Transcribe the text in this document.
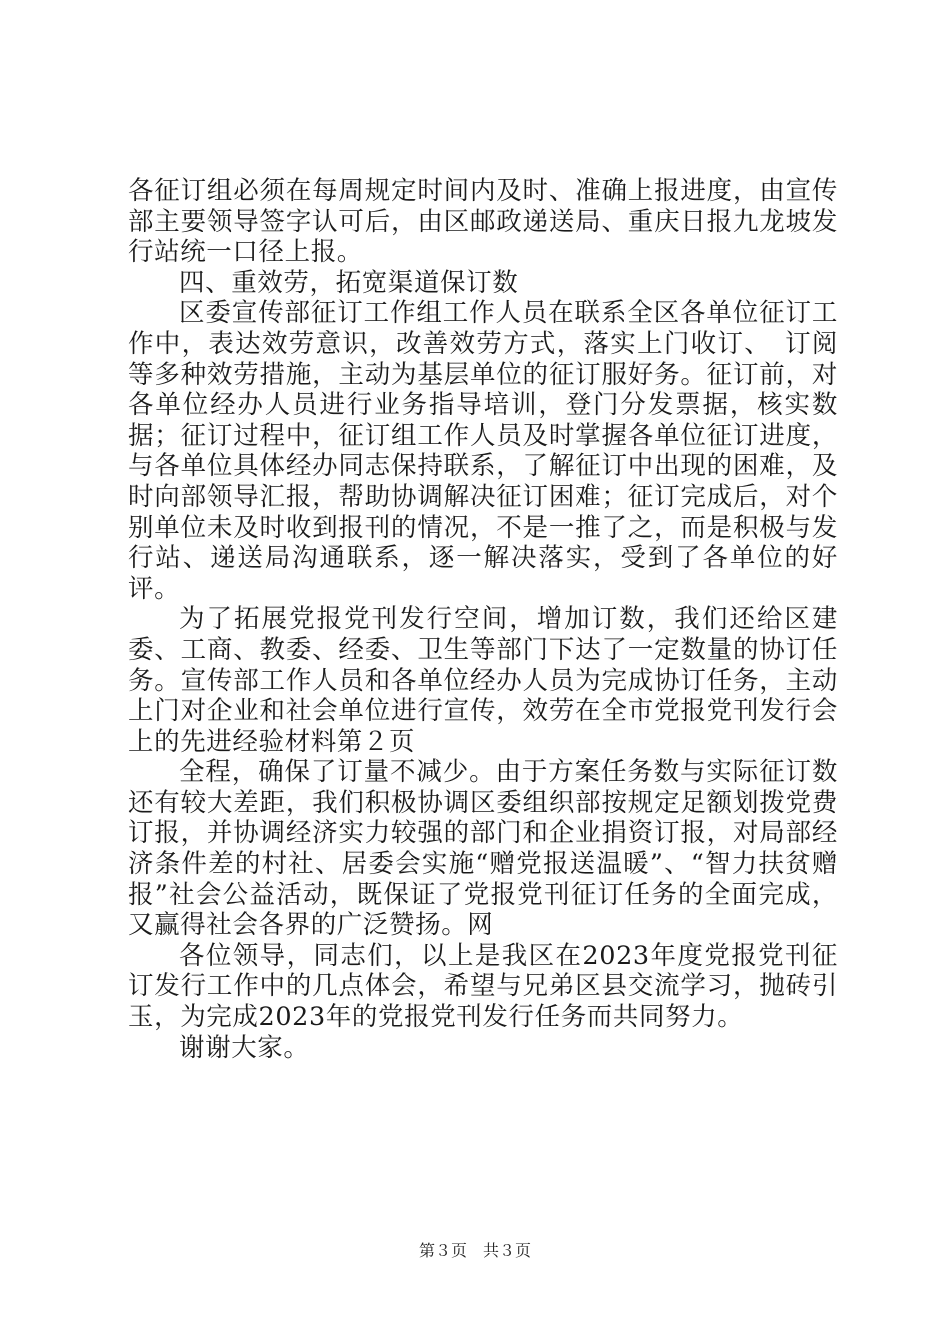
各征订组必须在每周规定时间内及时、准确上报进度，由宣传部主要领导签字认可后，由区邮政递送局、重庆日报九龙坡发行站统一口径上报。

四、重效劳，拓宽渠道保订数

区委宣传部征订工作组工作人员在联系全区各单位征订工作中，表达效劳意识，改善效劳方式，落实上门收订、　订阅等多种效劳措施，主动为基层单位的征订服好务。征订前，对各单位经办人员进行业务指导培训，登门分发票据，核实数据；征订过程中，征订组工作人员及时掌握各单位征订进度，与各单位具体经办同志保持联系，了解征订中出现的困难，及时向部领导汇报，帮助协调解决征订困难；征订完成后，对个别单位未及时收到报刊的情况，不是一推了之，而是积极与发行站、递送局沟通联系，逐一解决落实，受到了各单位的好评。

为了拓展党报党刊发行空间，增加订数，我们还给区建委、工商、教委、经委、卫生等部门下达了一定数量的协订任务。宣传部工作人员和各单位经办人员为完成协订任务，主动上门对企业和社会单位进行宣传，效劳在全市党报党刊发行会上的先进经验材料第２页

全程，确保了订量不减少。由于方案任务数与实际征订数还有较大差距，我们积极协调区委组织部按规定足额划拨党费订报，并协调经济实力较强的部门和企业捐资订报，对局部经济条件差的村社、居委会实施“赠党报送温暖”、“智力扶贫赠报”社会公益活动，既保证了党报党刊征订任务的全面完成，又赢得社会各界的广泛赞扬。网

各位领导，同志们，以上是我区在2023年度党报党刊征订发行工作中的几点体会，希望与兄弟区县交流学习，抛砖引玉，为完成2023年的党报党刊发行任务而共同努力。

谢谢大家。

第３页　共３页
